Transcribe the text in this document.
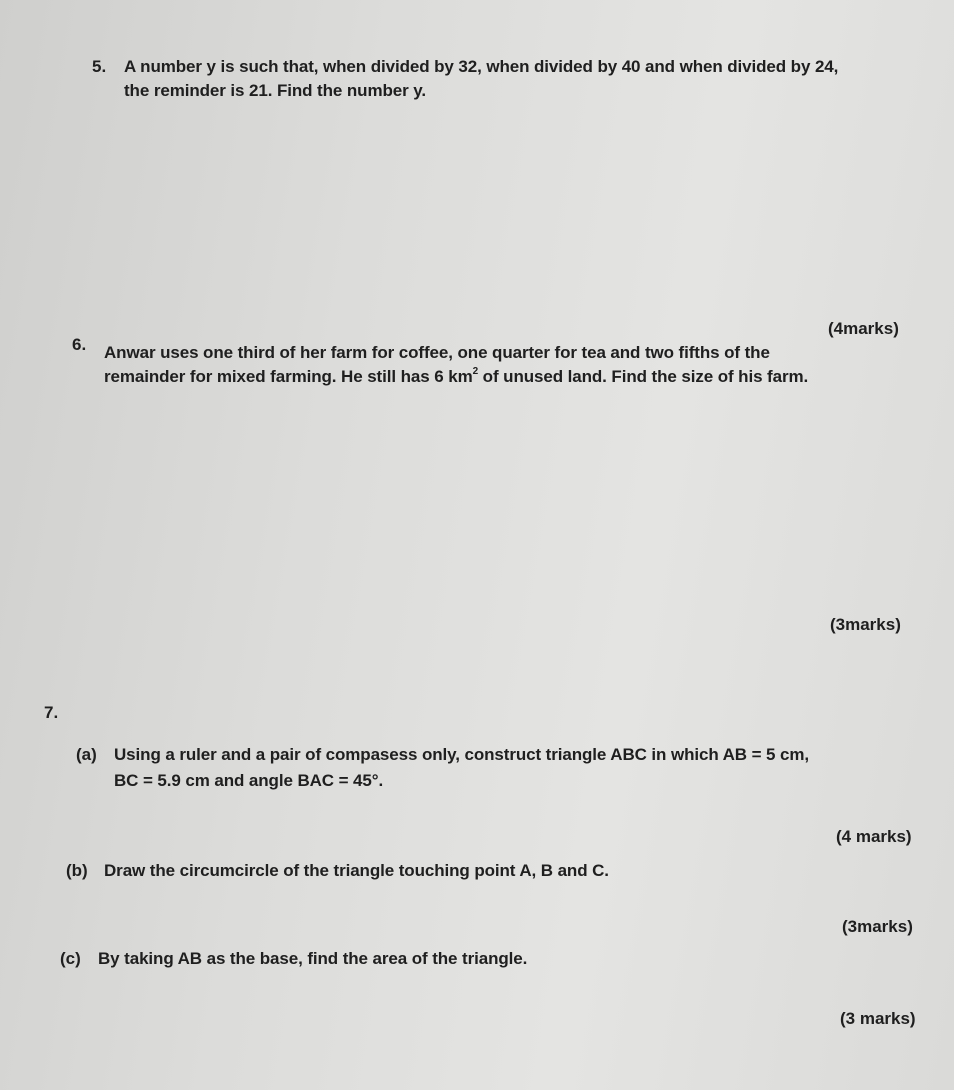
5. A number y is such that, when divided by 32, when divided by 40 and when divided by 24,
the reminder is 21. Find the number y.
(4marks)
6. Anwar uses one third of her farm for coffee, one quarter for tea and two fifths of the
remainder for mixed farming. He still has 6 $km^2$ of unused land. Find the size of his farm.
(3marks)
7.
(a) Using a ruler and a pair of compasess only, construct triangle ABC in which AB = 5 cm,
BC = 5.9 cm and angle BAC = 45°.
(4 marks)
(b) Draw the circumcircle of the triangle touching point A, B and C.
(3marks)
(c) By taking AB as the base, find the area of the triangle.
(3 marks)
